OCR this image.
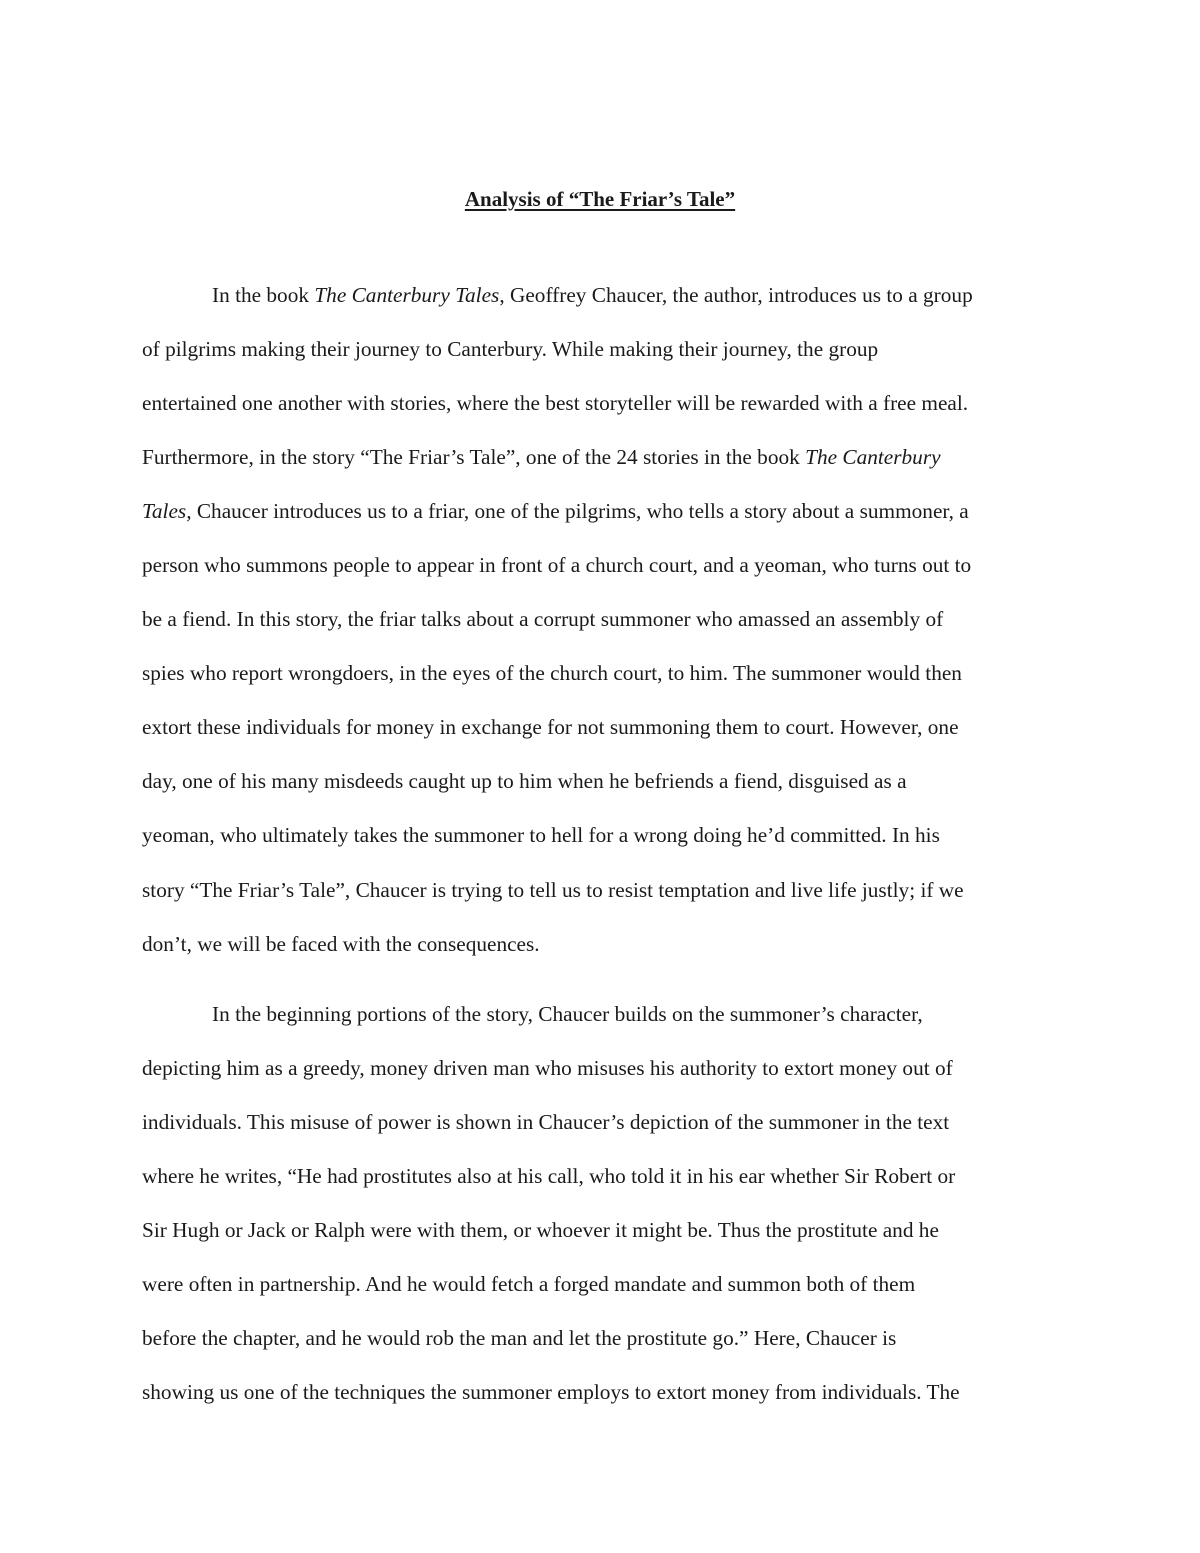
Analysis of “The Friar’s Tale”
In the book The Canterbury Tales, Geoffrey Chaucer, the author, introduces us to a group
of pilgrims making their journey to Canterbury. While making their journey, the group
entertained one another with stories, where the best storyteller will be rewarded with a free meal.
Furthermore, in the story “The Friar’s Tale”, one of the 24 stories in the book The Canterbury
Tales, Chaucer introduces us to a friar, one of the pilgrims, who tells a story about a summoner, a
person who summons people to appear in front of a church court, and a yeoman, who turns out to
be a fiend. In this story, the friar talks about a corrupt summoner who amassed an assembly of
spies who report wrongdoers, in the eyes of the church court, to him. The summoner would then
extort these individuals for money in exchange for not summoning them to court. However, one
day, one of his many misdeeds caught up to him when he befriends a fiend, disguised as a
yeoman, who ultimately takes the summoner to hell for a wrong doing he’d committed. In his
story “The Friar’s Tale”, Chaucer is trying to tell us to resist temptation and live life justly; if we
don’t, we will be faced with the consequences.
In the beginning portions of the story, Chaucer builds on the summoner’s character,
depicting him as a greedy, money driven man who misuses his authority to extort money out of
individuals. This misuse of power is shown in Chaucer’s depiction of the summoner in the text
where he writes, “He had prostitutes also at his call, who told it in his ear whether Sir Robert or
Sir Hugh or Jack or Ralph were with them, or whoever it might be. Thus the prostitute and he
were often in partnership. And he would fetch a forged mandate and summon both of them
before the chapter, and he would rob the man and let the prostitute go.” Here, Chaucer is
showing us one of the techniques the summoner employs to extort money from individuals. The
